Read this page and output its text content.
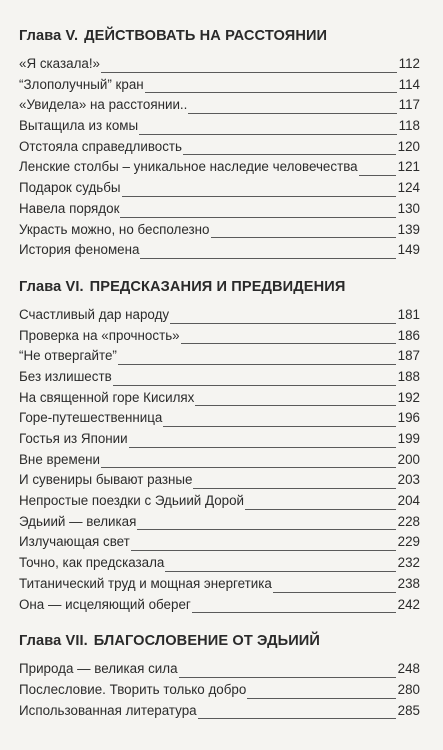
Глава V. ДЕЙСТВОВАТЬ НА РАССТОЯНИИ
«Я сказала!»	112
“Злополучный” кран	114
«Увидела» на расстоянии..	117
Вытащила из комы	118
Отстояла справедливость	120
Ленские столбы – уникальное наследие человечества	121
Подарок судьбы	124
Навела порядок	130
Украсть можно, но бесполезно	139
История феномена	149
Глава VI. ПРЕДСКАЗАНИЯ И ПРЕДВИДЕНИЯ
Счастливый дар народу	181
Проверка на «прочность»	186
“Не отвергайте”	187
Без излишеств	188
На священной горе Кисилях	192
Горе-путешественница	196
Гостья из Японии	199
Вне времени	200
И сувениры бывают разные	203
Непростые поездки с Эдьиий Дорой	204
Эдьиий — великая	228
Излучающая свет	229
Точно, как предсказала	232
Титанический труд и мощная энергетика	238
Она — исцеляющий оберег	242
Глава VII. БЛАГОСЛОВЕНИЕ ОТ ЭДЬИИЙ
Природа — великая сила	248
Послесловие. Творить только добро	280
Использованная литература	285
